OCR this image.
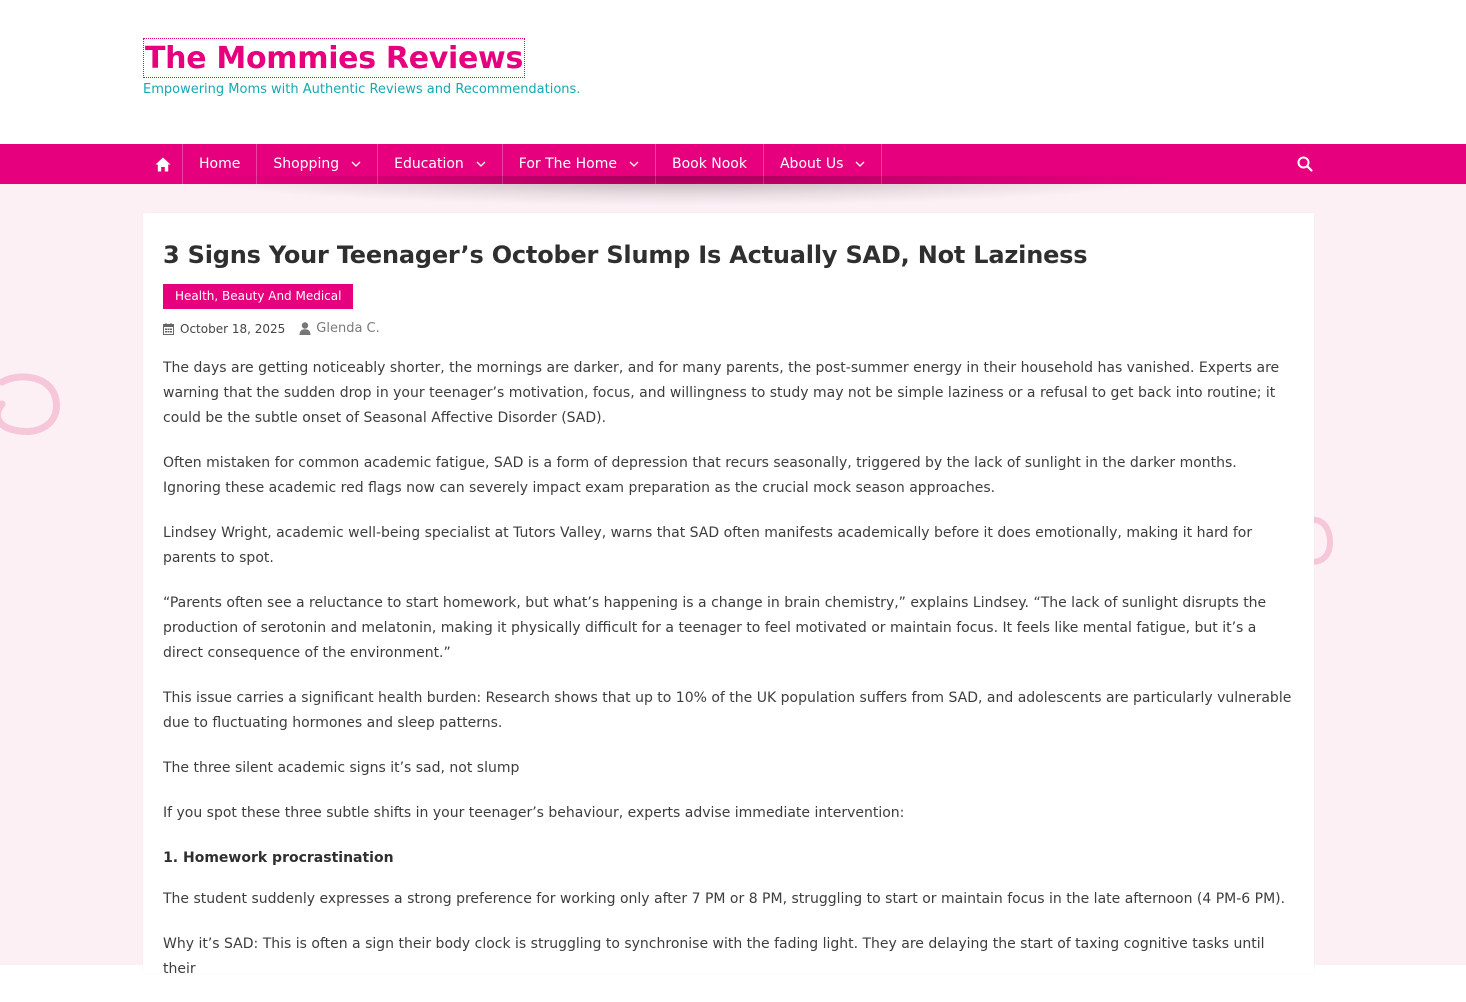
The Mommies Reviews
Empowering Moms with Authentic Reviews and Recommendations.
Home Shopping	Education	For The Home	Book Nook About Us
3 Signs Your Teenager’s October Slump Is Actually SAD, Not Laziness
Health, Beauty And Medical
October 18, 2025 Glenda C.

The days are getting noticeably shorter, the mornings are darker, and for many parents, the post-summer energy in their household has vanished. Experts are warning that the sudden drop in your teenager’s motivation, focus, and willingness to study may not be simple laziness or a refusal to get back into routine; it could be the subtle onset of Seasonal Affective Disorder (SAD).

Often mistaken for common academic fatigue, SAD is a form of depression that recurs seasonally, triggered by the lack of sunlight in the darker months. Ignoring these academic red flags now can severely impact exam preparation as the crucial mock season approaches.

Lindsey Wright, academic well-being specialist at Tutors Valley, warns that SAD often manifests academically before it does emotionally, making it hard for parents to spot.

“Parents often see a reluctance to start homework, but what’s happening is a change in brain chemistry,” explains Lindsey. “The lack of sunlight disrupts the production of serotonin and melatonin, making it physically difficult for a teenager to feel motivated or maintain focus. It feels like mental fatigue, but it’s a direct consequence of the environment.”

This issue carries a significant health burden: Research shows that up to 10% of the UK population suffers from SAD, and adolescents are particularly vulnerable due to fluctuating hormones and sleep patterns.

The three silent academic signs it’s sad, not slump

If you spot these three subtle shifts in your teenager’s behaviour, experts advise immediate intervention:

1. Homework procrastination

The student suddenly expresses a strong preference for working only after 7 PM or 8 PM, struggling to start or maintain focus in the late afternoon (4 PM-6 PM).

Why it’s SAD: This is often a sign their body clock is struggling to synchronise with the fading light. They are delaying the start of taxing cognitive tasks until their
